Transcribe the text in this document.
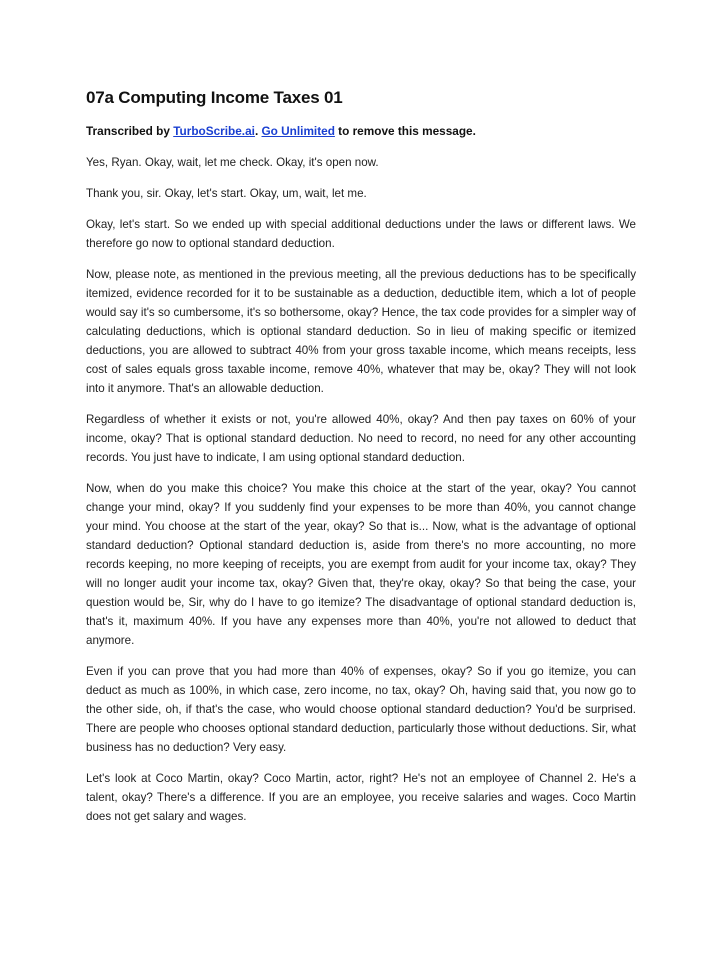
07a Computing Income Taxes 01
Transcribed by TurboScribe.ai. Go Unlimited to remove this message.

Yes, Ryan. Okay, wait, let me check. Okay, it's open now.

Thank you, sir. Okay, let's start. Okay, um, wait, let me.

Okay, let's start. So we ended up with special additional deductions under the laws or different laws. We therefore go now to optional standard deduction.

Now, please note, as mentioned in the previous meeting, all the previous deductions has to be specifically itemized, evidence recorded for it to be sustainable as a deduction, deductible item, which a lot of people would say it's so cumbersome, it's so bothersome, okay? Hence, the tax code provides for a simpler way of calculating deductions, which is optional standard deduction. So in lieu of making specific or itemized deductions, you are allowed to subtract 40% from your gross taxable income, which means receipts, less cost of sales equals gross taxable income, remove 40%, whatever that may be, okay? They will not look into it anymore. That's an allowable deduction.

Regardless of whether it exists or not, you're allowed 40%, okay? And then pay taxes on 60% of your income, okay? That is optional standard deduction. No need to record, no need for any other accounting records. You just have to indicate, I am using optional standard deduction.

Now, when do you make this choice? You make this choice at the start of the year, okay? You cannot change your mind, okay? If you suddenly find your expenses to be more than 40%, you cannot change your mind. You choose at the start of the year, okay? So that is... Now, what is the advantage of optional standard deduction? Optional standard deduction is, aside from there's no more accounting, no more records keeping, no more keeping of receipts, you are exempt from audit for your income tax, okay? They will no longer audit your income tax, okay? Given that, they're okay, okay? So that being the case, your question would be, Sir, why do I have to go itemize? The disadvantage of optional standard deduction is, that's it, maximum 40%. If you have any expenses more than 40%, you're not allowed to deduct that anymore.

Even if you can prove that you had more than 40% of expenses, okay? So if you go itemize, you can deduct as much as 100%, in which case, zero income, no tax, okay? Oh, having said that, you now go to the other side, oh, if that's the case, who would choose optional standard deduction? You'd be surprised. There are people who chooses optional standard deduction, particularly those without deductions. Sir, what business has no deduction? Very easy.

Let's look at Coco Martin, okay? Coco Martin, actor, right? He's not an employee of Channel 2. He's a talent, okay? There's a difference. If you are an employee, you receive salaries and wages. Coco Martin does not get salary and wages.
